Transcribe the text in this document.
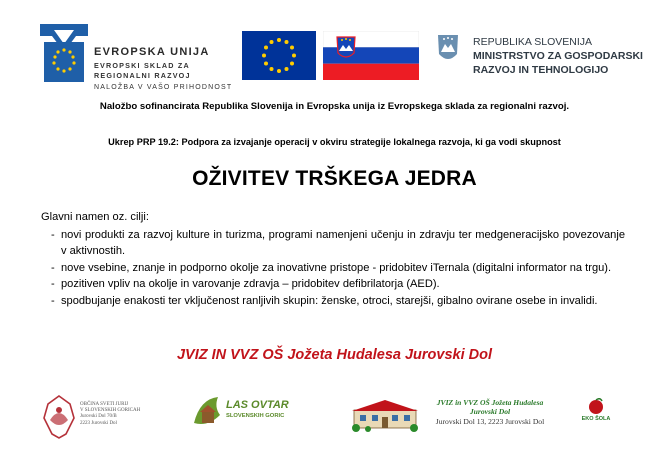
EVROPSKA UNIJA
EVROPSKI SKLAD ZA
REGIONALNI RAZVOJ
NALOŽBA V VAŠO PRIHODNOST
REPUBLIKA SLOVENIJA
MINISTRSTVO ZA GOSPODARSKI
RAZVOJ IN TEHNOLOGIJO
Naložbo sofinancirata Republika Slovenija in Evropska unija iz Evropskega sklada za regionalni razvoj.
Ukrep PRP 19.2: Podpora za izvajanje operacij v okviru strategije lokalnega razvoja, ki ga vodi skupnost
OŽIVITEV TRŠKEGA JEDRA
Glavni namen oz. cilji:
- novi produkti za razvoj kulture in turizma, programi namenjeni učenju in zdravju ter medgeneracijsko povezovanje v aktivnostih.
- nove vsebine, znanje in podporno okolje za inovativne pristope - pridobitev iTernala (digitalni informator na trgu).
- pozitiven vpliv na okolje in varovanje zdravja – pridobitev defibrilatorja (AED).
- spodbujanje enakosti ter vključenost ranljivih skupin: ženske, otroci, starejši, gibalno ovirane osebe in invalidi.
JVIZ IN VVZ OŠ Jožeta Hudalesa Jurovski Dol
OBČINA SVETI JURIJ
V SLOVENSKIH GORICAH
Jurovski Dol 70/B
2223 Jurovski Dol
LAS OVTAR
SLOVENSKIH GORIC
JVIZ in VVZ OŠ Jožeta Hudalesa
Jurovski Dol
Jurovski Dol 13, 2223 Jurovski Dol	EKO ŠOLA
